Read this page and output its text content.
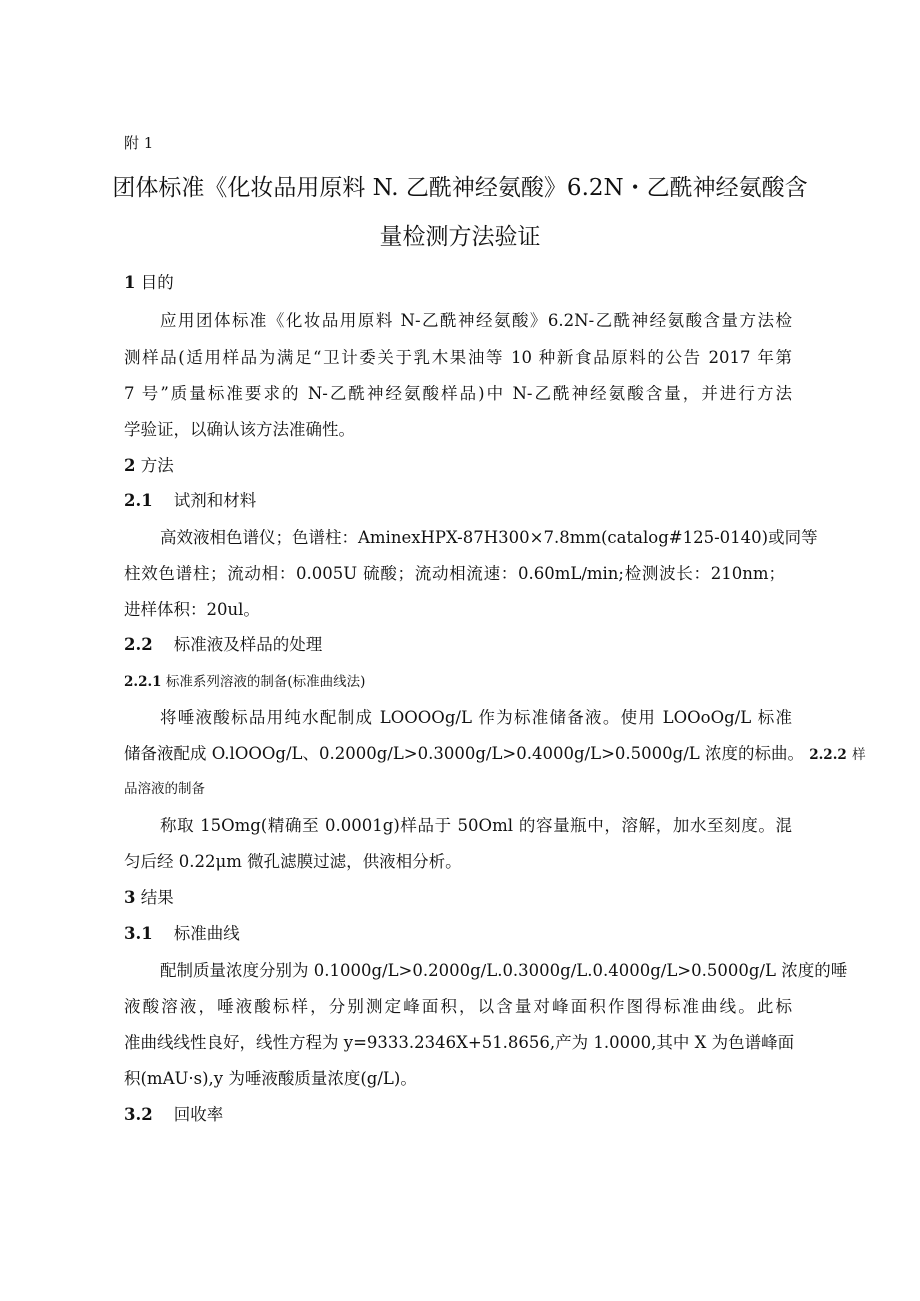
附 1
团体标准《化妆品用原料 N. 乙酰神经氨酸》6.2N・乙酰神经氨酸含
量检测方法验证
1 目的
应用团体标准《化妆品用原料 N-乙酰神经氨酸》6.2N-乙酰神经氨酸含量方法检
测样品(适用样品为满足“卫计委关于乳木果油等 10 种新食品原料的公告 2017 年第
7 号”质量标准要求的 N-乙酰神经氨酸样品)中 N-乙酰神经氨酸含量，并进行方法
学验证，以确认该方法准确性。
2 方法
2.1 试剂和材料
高效液相色谱仪；色谱柱：AminexHPX-87H300×7.8mm(catalog#125-0140)或同等
柱效色谱柱；流动相：0.005U 硫酸；流动相流速：0.60mL∕min;检测波长：210nm；
进样体积：20ul。
2.2 标准液及样品的处理
2.2.1 标准系列溶液的制备(标准曲线法)
将唾液酸标品用纯水配制成 LOOOOg/L 作为标准储备液。使用 LOOoOg/L 标准
储备液配成 O.lOOOg/L、0.2000g∕L>0.3000g∕L>0.4000g∕L>0.5000g∕L 浓度的标曲。 2.2.2 样
品溶液的制备
称取 15Omg(精确至 0.0001g)样品于 50Oml 的容量瓶中，溶解，加水至刻度。混
匀后经 0.22μm 微孔滤膜过滤，供液相分析。
3 结果
3.1 标准曲线
配制质量浓度分别为 0.1000g∕L>0.2000g∕L.0.3000g∕L.0.4000g∕L>0.5000g∕L 浓度的唾
液酸溶液，唾液酸标样，分别测定峰面积，以含量对峰面积作图得标准曲线。此标
准曲线线性良好，线性方程为 y=9333.2346X+51.8656,产为 1.0000,其中 X 为色谱峰面
积(mAU·s),y 为唾液酸质量浓度(g/L)。
3.2 回收率
